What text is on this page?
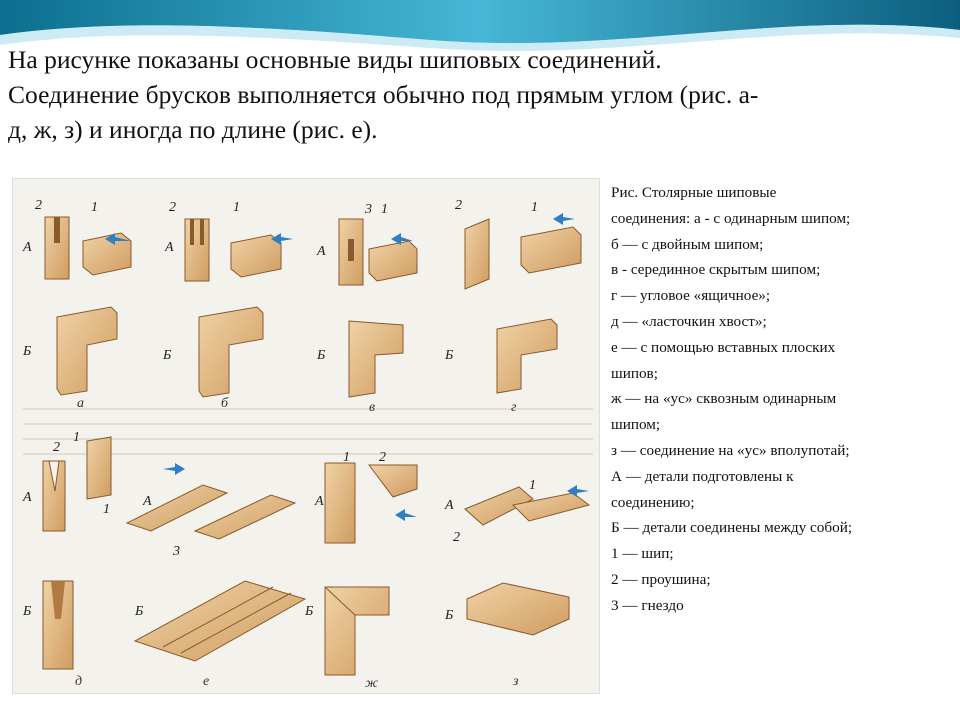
На рисунке показаны основные виды шиповых соединений.

Соединение брусков выполняется обычно под прямым углом (рис. а-

д, ж, з) и иногда по длине (рис. е).

А	А	А
Б	Б	Б	Б
А	А	А	А
Б	Б	Б	Б
2	1	2	1	3 1	2	1
2
1
1
3
1 2
1
2
а	б	в	г
д	е	ж	з
Рис. Столярные шиповые
соединения: а - с одинарным шипом;
б — с двойным шипом;
в - серединное скрытым шипом;
г — угловое «ящичное»;
д — «ласточкин хвост»;
е — с помощью вставных плоских
шипов;
ж — на «ус» сквозным одинарным
шипом;
з — соединение на «ус» вполупотай;
А — детали подготовлены к
соединению;
Б — детали соединены между собой;
1 — шип;
2 — проушина;
3 — гнездо
